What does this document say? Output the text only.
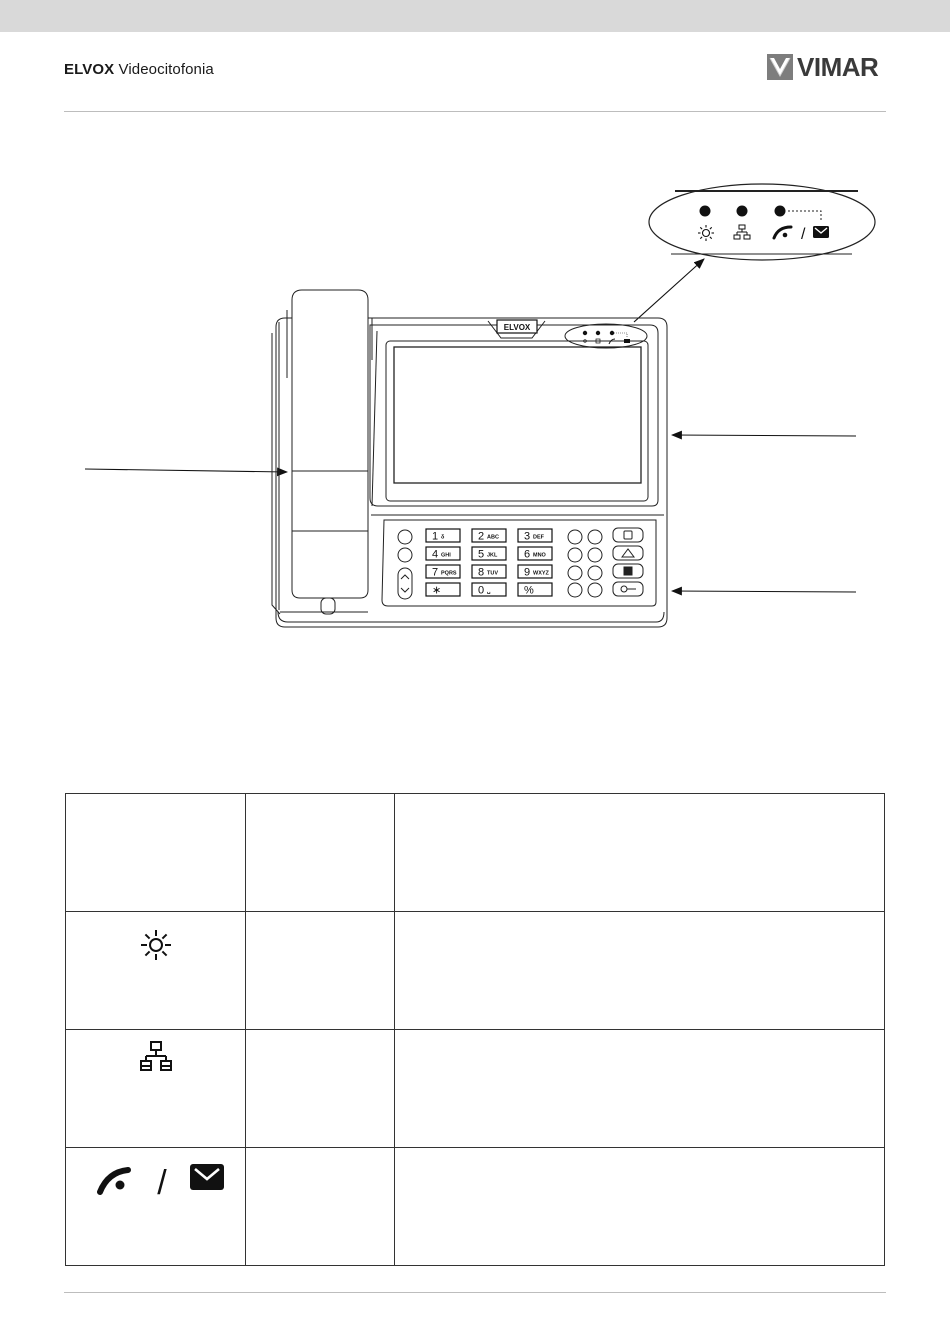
ELVOX Videocitofonia	VIMAR
/
ELVOX
1 δ	2 ABC 3 DEF
4 GHI 5 JKL 6 MNO
7 PQRS 8 TUV 9 WXYZ
∗	0 ␣	%

/		
